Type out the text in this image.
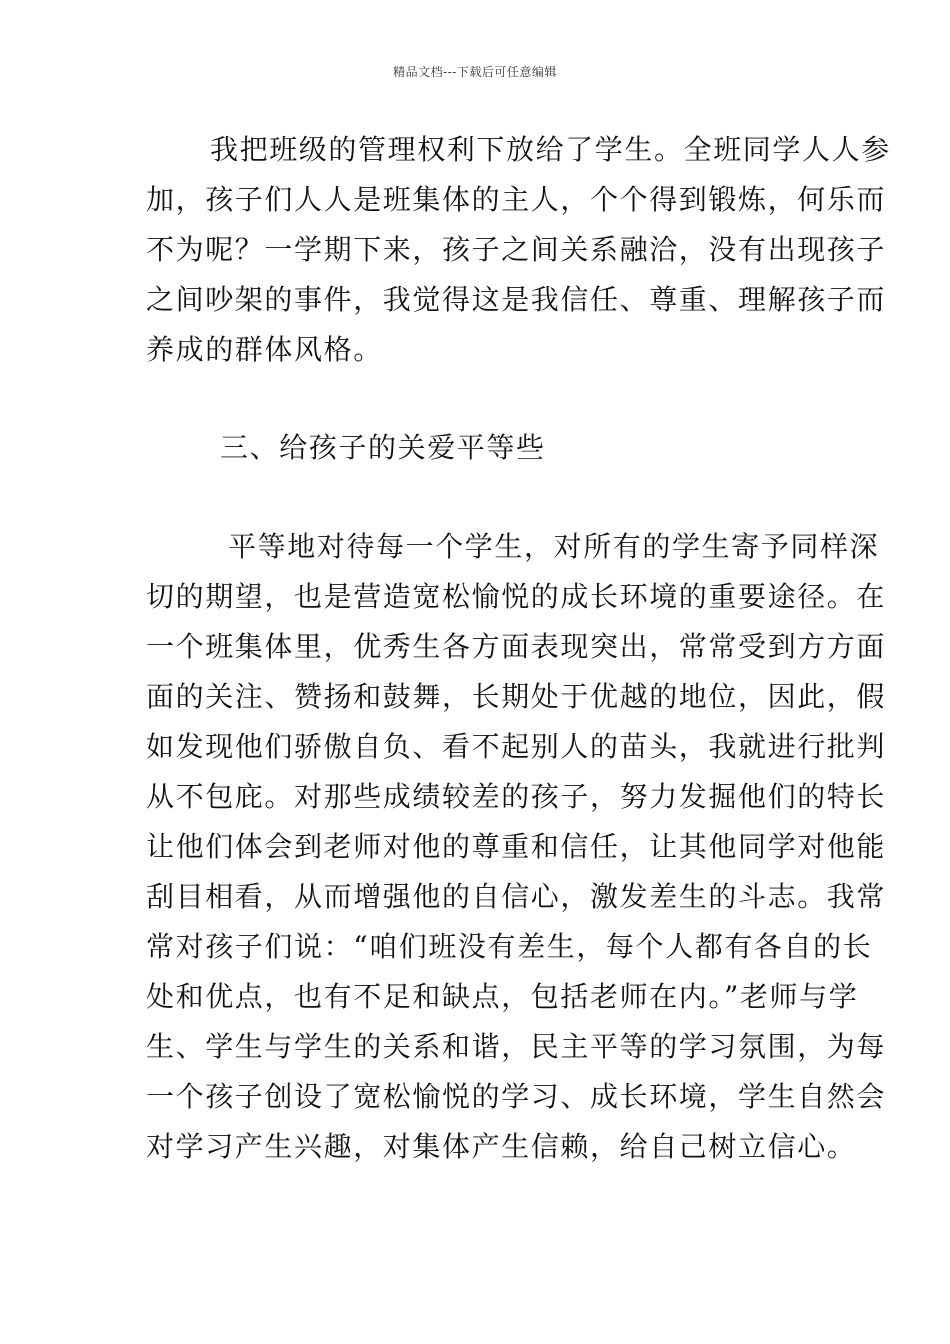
精品文档---下载后可任意编辑
我把班级的管理权利下放给了学生。全班同学人人参
加，孩子们人人是班集体的主人，个个得到锻炼，何乐而
不为呢？一学期下来，孩子之间关系融洽，没有出现孩子
之间吵架的事件，我觉得这是我信任、尊重、理解孩子而
养成的群体风格。
三、给孩子的关爱平等些
平等地对待每一个学生，对所有的学生寄予同样深
切的期望，也是营造宽松愉悦的成长环境的重要途径。在
一个班集体里，优秀生各方面表现突出，常常受到方方面
面的关注、赞扬和鼓舞，长期处于优越的地位，因此，假
如发现他们骄傲自负、看不起别人的苗头，我就进行批判
从不包庇。对那些成绩较差的孩子，努力发掘他们的特长
让他们体会到老师对他的尊重和信任，让其他同学对他能
刮目相看，从而增强他的自信心，激发差生的斗志。我常
常对孩子们说：“咱们班没有差生，每个人都有各自的长
处和优点，也有不足和缺点，包括老师在内。”老师与学
生、学生与学生的关系和谐，民主平等的学习氛围，为每
一个孩子创设了宽松愉悦的学习、成长环境，学生自然会
对学习产生兴趣，对集体产生信赖，给自己树立信心。
